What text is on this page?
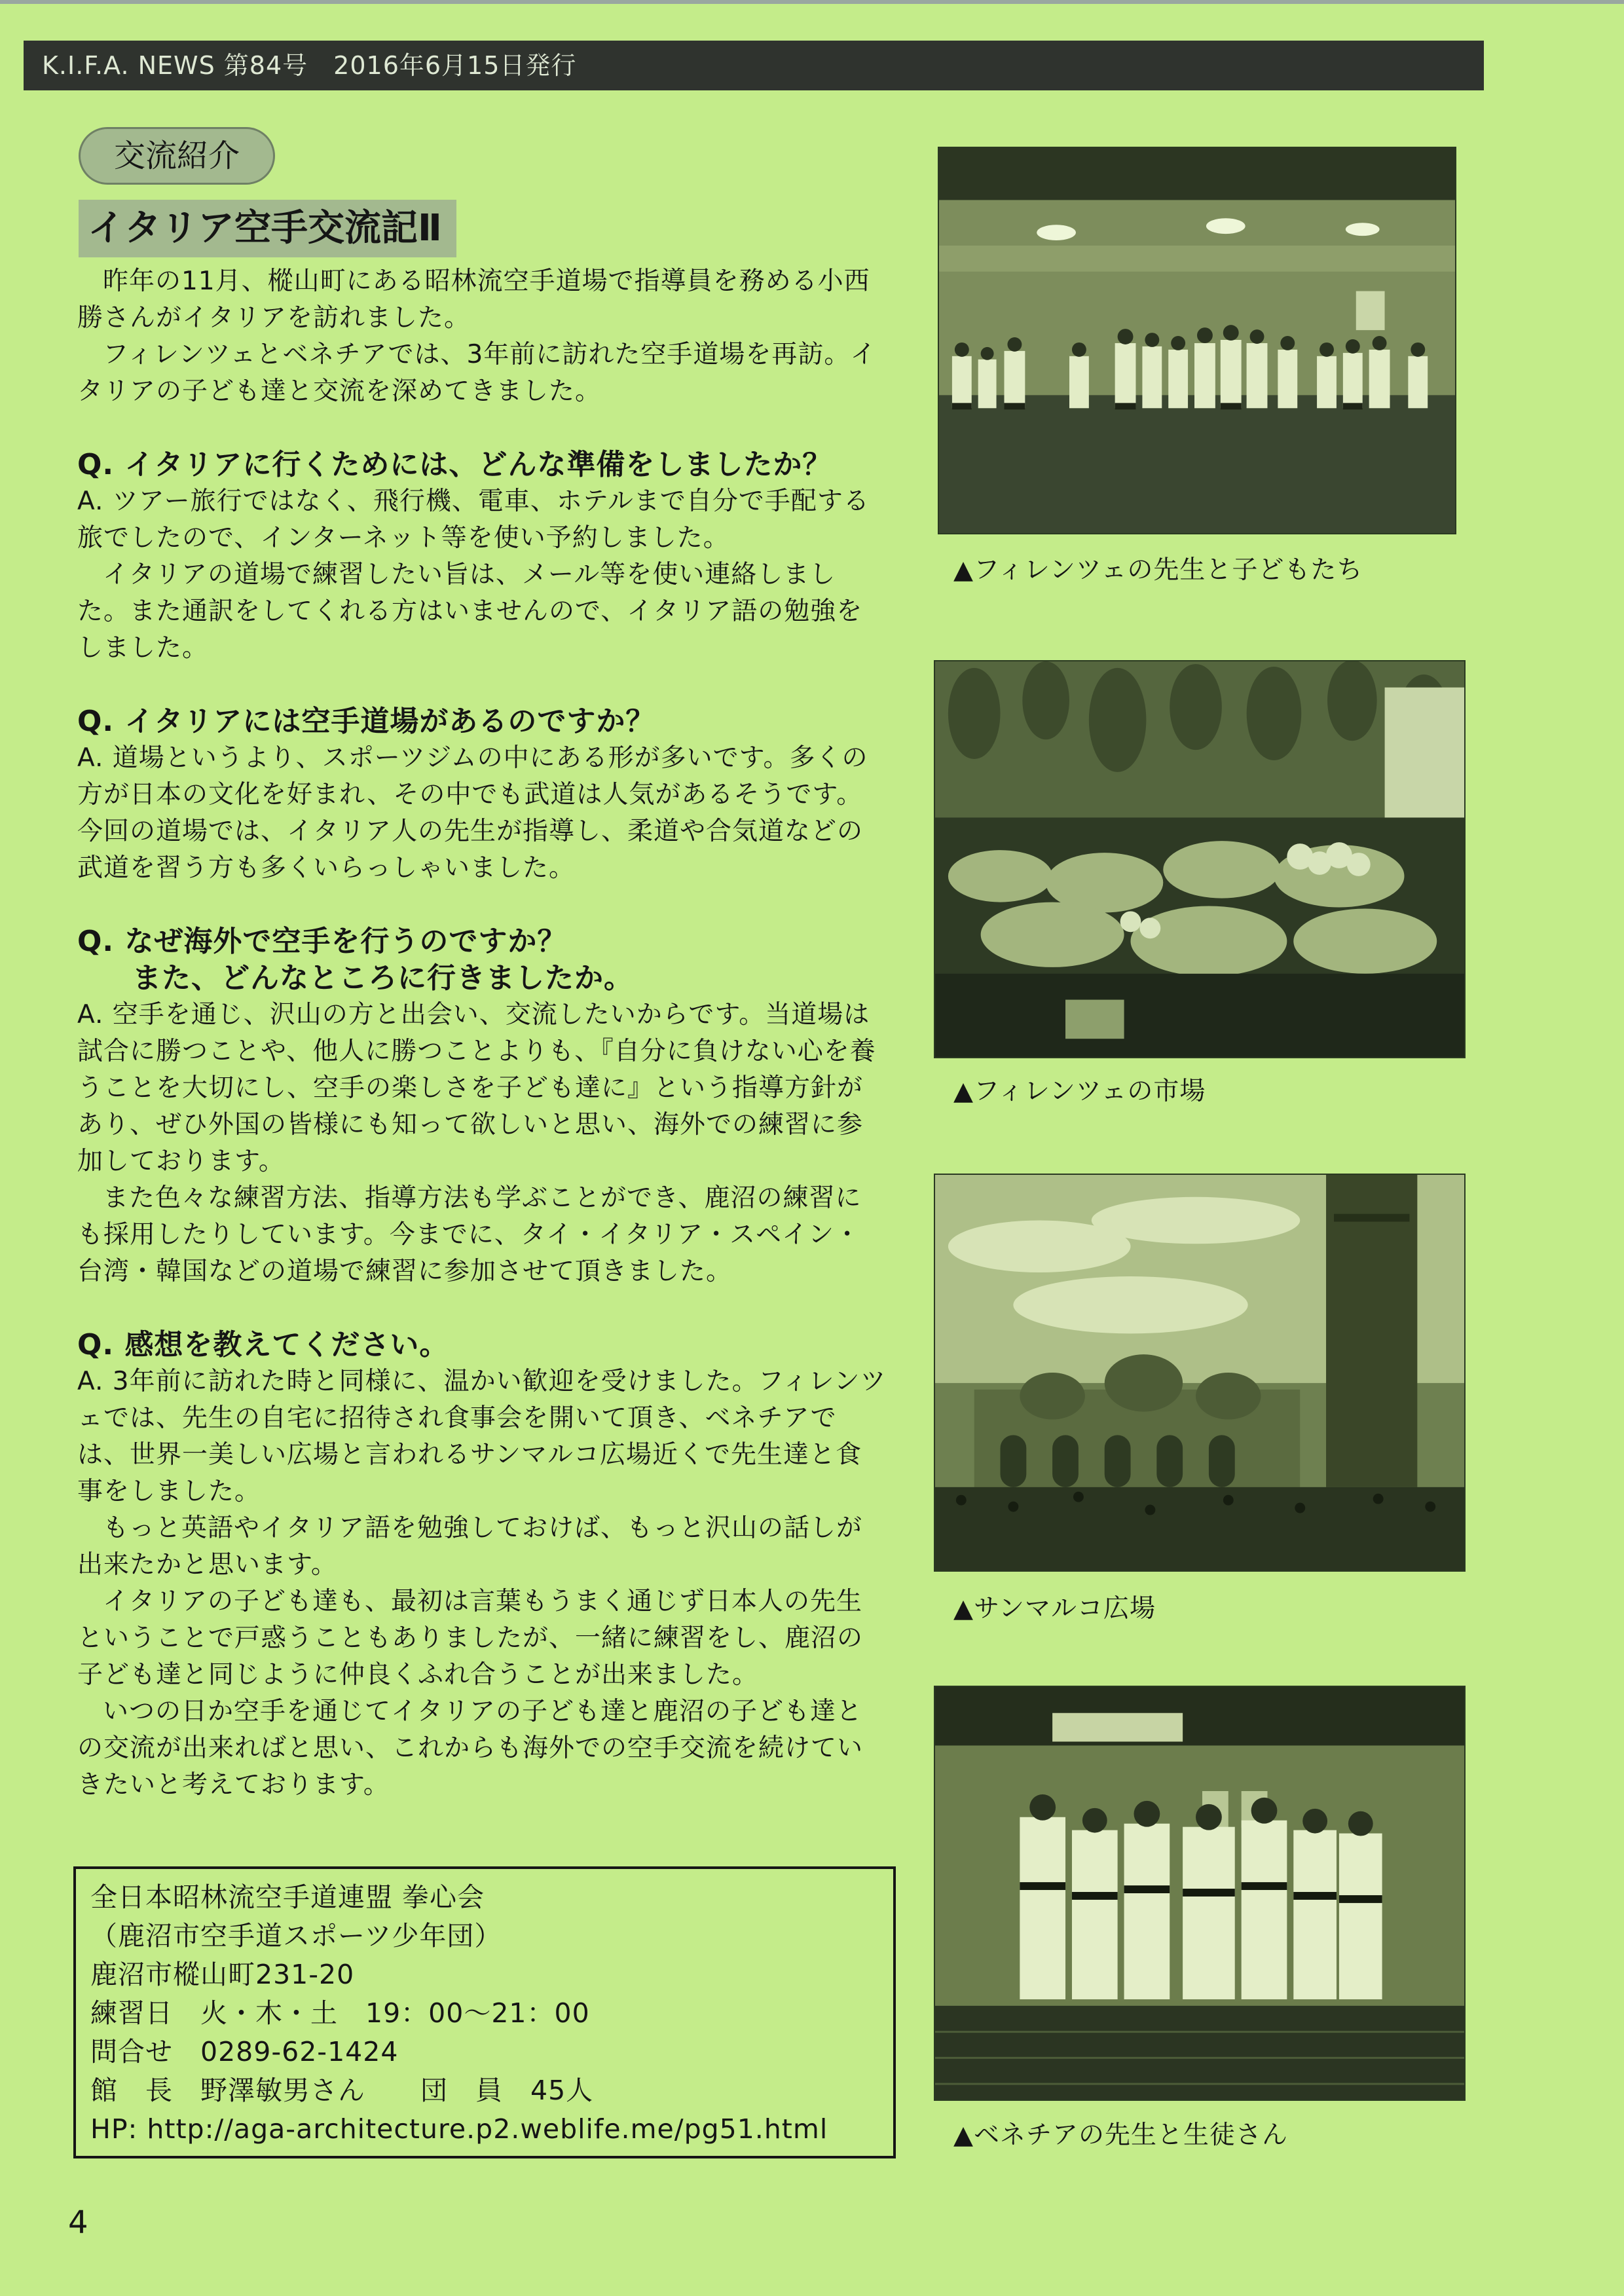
K.I.F.A. NEWS 第84号　2016年6月15日発行
交流紹介
イタリア空手交流記Ⅱ

昨年の11月、樅山町にある昭林流空手道場で指導員を務める小西勝さんがイタリアを訪れました。

フィレンツェとベネチアでは、3年前に訪れた空手道場を再訪。イタリアの子ども達と交流を深めてきました。

Q. イタリアに行くためには、どんな準備をしましたか？

A. ツアー旅行ではなく、飛行機、電車、ホテルまで自分で手配する旅でしたので、インターネット等を使い予約しました。

イタリアの道場で練習したい旨は、メール等を使い連絡しました。また通訳をしてくれる方はいませんので、イタリア語の勉強をしました。

Q. イタリアには空手道場があるのですか？

A. 道場というより、スポーツジムの中にある形が多いです。多くの方が日本の文化を好まれ、その中でも武道は人気があるそうです。今回の道場では、イタリア人の先生が指導し、柔道や合気道などの武道を習う方も多くいらっしゃいました。

Q. なぜ海外で空手を行うのですか？

また、どんなところに行きましたか。

A. 空手を通じ、沢山の方と出会い、交流したいからです。当道場は試合に勝つことや、他人に勝つことよりも、『自分に負けない心を養うことを大切にし、空手の楽しさを子ども達に』という指導方針があり、ぜひ外国の皆様にも知って欲しいと思い、海外での練習に参加しております。

また色々な練習方法、指導方法も学ぶことができ、鹿沼の練習にも採用したりしています。今までに、タイ・イタリア・スペイン・台湾・韓国などの道場で練習に参加させて頂きました。

Q. 感想を教えてください。

A. 3年前に訪れた時と同様に、温かい歓迎を受けました。フィレンツェでは、先生の自宅に招待され食事会を開いて頂き、ベネチアでは、世界一美しい広場と言われるサンマルコ広場近くで先生達と食事をしました。

もっと英語やイタリア語を勉強しておけば、もっと沢山の話しが出来たかと思います。

イタリアの子ども達も、最初は言葉もうまく通じず日本人の先生ということで戸惑うこともありましたが、一緒に練習をし、鹿沼の子ども達と同じように仲良くふれ合うことが出来ました。

いつの日か空手を通じてイタリアの子ども達と鹿沼の子ども達との交流が出来ればと思い、これからも海外での空手交流を続けていきたいと考えております。

全日本昭林流空手道連盟 拳心会
（鹿沼市空手道スポーツ少年団）
鹿沼市樅山町231-20
練習日　火・木・土　19：00～21：00
問合せ　0289-62-1424
館　長　野澤敏男さん　　団　員　45人
HP: http://aga-architecture.p2.weblife.me/pg51.html
▲フィレンツェの先生と子どもたち
▲フィレンツェの市場
▲サンマルコ広場
▲ベネチアの先生と生徒さん
4
